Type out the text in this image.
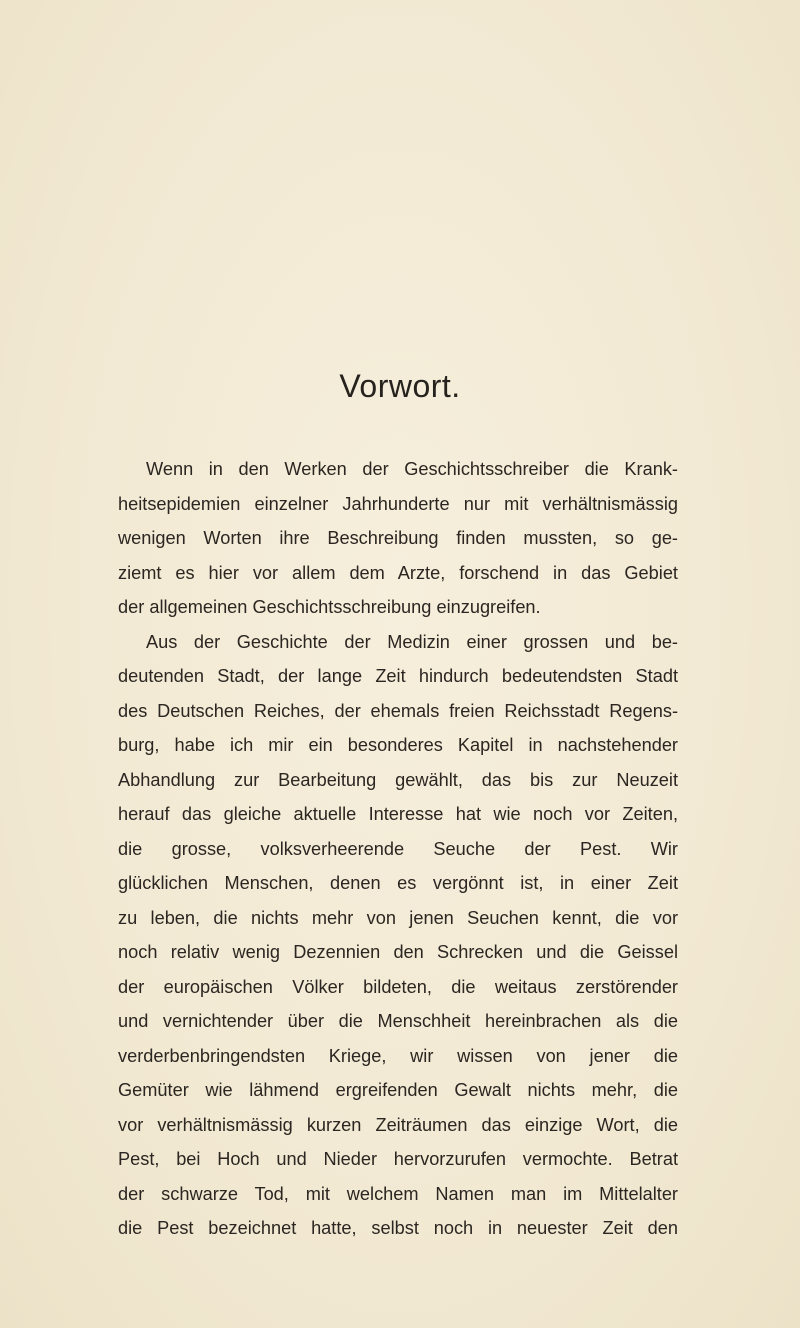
Vorwort.
Wenn in den Werken der Geschichtsschreiber die Krank-
heitsepidemien einzelner Jahrhunderte nur mit verhältnismässig
wenigen Worten ihre Beschreibung finden mussten, so ge-
ziemt es hier vor allem dem Arzte, forschend in das Gebiet
der allgemeinen Geschichtsschreibung einzugreifen.
Aus der Geschichte der Medizin einer grossen und be-
deutenden Stadt, der lange Zeit hindurch bedeutendsten Stadt
des Deutschen Reiches, der ehemals freien Reichsstadt Regens-
burg, habe ich mir ein besonderes Kapitel in nachstehender
Abhandlung zur Bearbeitung gewählt, das bis zur Neuzeit
herauf das gleiche aktuelle Interesse hat wie noch vor Zeiten,
die grosse, volksverheerende Seuche der Pest. Wir
glücklichen Menschen, denen es vergönnt ist, in einer Zeit
zu leben, die nichts mehr von jenen Seuchen kennt, die vor
noch relativ wenig Dezennien den Schrecken und die Geissel
der europäischen Völker bildeten, die weitaus zerstörender
und vernichtender über die Menschheit hereinbrachen als die
verderbenbringendsten Kriege, wir wissen von jener die
Gemüter wie lähmend ergreifenden Gewalt nichts mehr, die
vor verhältnismässig kurzen Zeiträumen das einzige Wort, die
Pest, bei Hoch und Nieder hervorzurufen vermochte. Betrat
der schwarze Tod, mit welchem Namen man im Mittelalter
die Pest bezeichnet hatte, selbst noch in neuester Zeit den
